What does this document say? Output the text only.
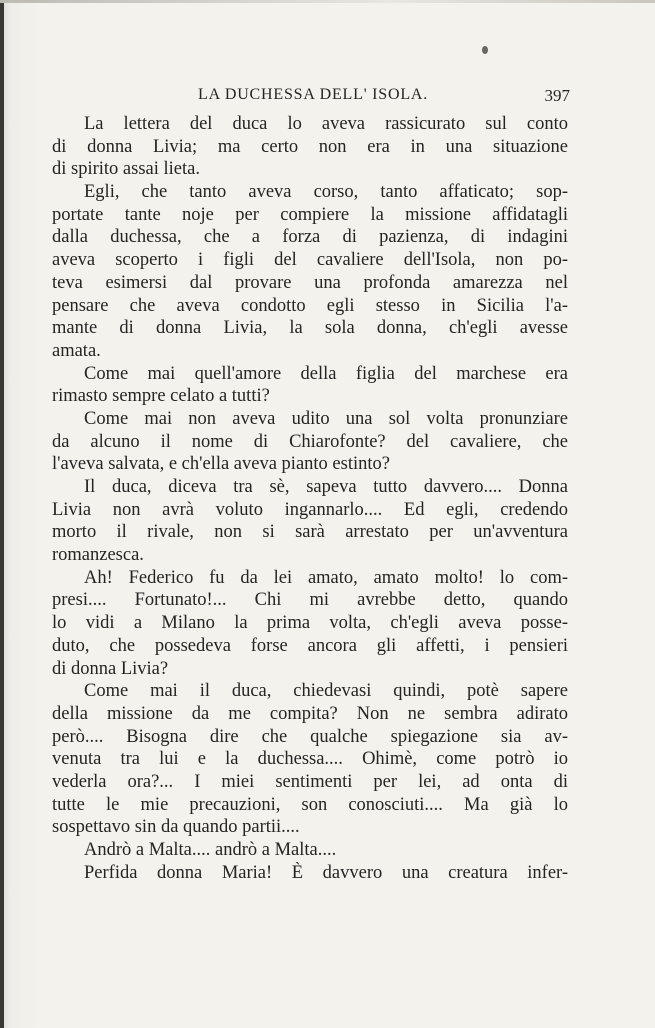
LA DUCHESSA DELL' ISOLA.	397
La lettera del duca lo aveva rassicurato sul conto
di donna Livia; ma certo non era in una situazione
di spirito assai lieta.
Egli, che tanto aveva corso, tanto affaticato; sop-
portate tante noje per compiere la missione affidatagli
dalla duchessa, che a forza di pazienza, di indagini
aveva scoperto i figli del cavaliere dell'Isola, non po-
teva esimersi dal provare una profonda amarezza nel
pensare che aveva condotto egli stesso in Sicilia l'a-
mante di donna Livia, la sola donna, ch'egli avesse
amata.
Come mai quell'amore della figlia del marchese era
rimasto sempre celato a tutti?
Come mai non aveva udito una sol volta pronunziare
da alcuno il nome di Chiarofonte? del cavaliere, che
l'aveva salvata, e ch'ella aveva pianto estinto?
Il duca, diceva tra sè, sapeva tutto davvero.... Donna
Livia non avrà voluto ingannarlo.... Ed egli, credendo
morto il rivale, non si sarà arrestato per un'avventura
romanzesca.
Ah! Federico fu da lei amato, amato molto! lo com-
presi.... Fortunato!... Chi mi avrebbe detto, quando
lo vidi a Milano la prima volta, ch'egli aveva posse-
duto, che possedeva forse ancora gli affetti, i pensieri
di donna Livia?
Come mai il duca, chiedevasi quindi, potè sapere
della missione da me compita? Non ne sembra adirato
però.... Bisogna dire che qualche spiegazione sia av-
venuta tra lui e la duchessa.... Ohimè, come potrò io
vederla ora?... I miei sentimenti per lei, ad onta di
tutte le mie precauzioni, son conosciuti.... Ma già lo
sospettavo sin da quando partii....
Andrò a Malta.... andrò a Malta....
Perfida donna Maria! È davvero una creatura infer-
